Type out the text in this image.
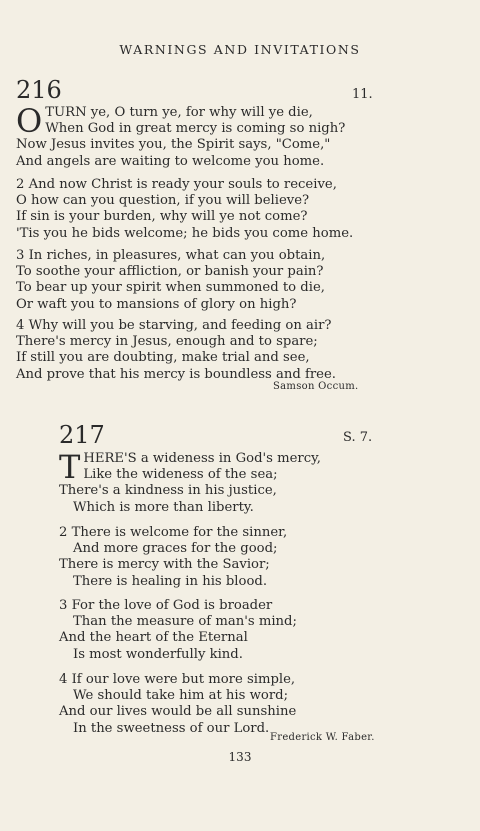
WARNINGS AND INVITATIONS
216	11.
O TURN ye, O turn ye, for why will ye die,
When God in great mercy is coming so nigh?
Now Jesus invites you, the Spirit says, "Come,"
And angels are waiting to welcome you home.
2 And now Christ is ready your souls to receive,
O how can you question, if you will believe?
If sin is your burden, why will ye not come?
'Tis you he bids welcome; he bids you come home.
3 In riches, in pleasures, what can you obtain,
To soothe your affliction, or banish your pain?
To bear up your spirit when summoned to die,
Or waft you to mansions of glory on high?
4 Why will you be starving, and feeding on air?
There's mercy in Jesus, enough and to spare;
If still you are doubting, make trial and see,
And prove that his mercy is boundless and free.
Samson Occum.
217	S. 7.
T HERE'S a wideness in God's mercy,
Like the wideness of the sea;
There's a kindness in his justice,
Which is more than liberty.
2 There is welcome for the sinner,
And more graces for the good;
There is mercy with the Savior;
There is healing in his blood.
3 For the love of God is broader
Than the measure of man's mind;
And the heart of the Eternal
Is most wonderfully kind.
4 If our love were but more simple,
We should take him at his word;
And our lives would be all sunshine
In the sweetness of our Lord.
Frederick W. Faber.
133
